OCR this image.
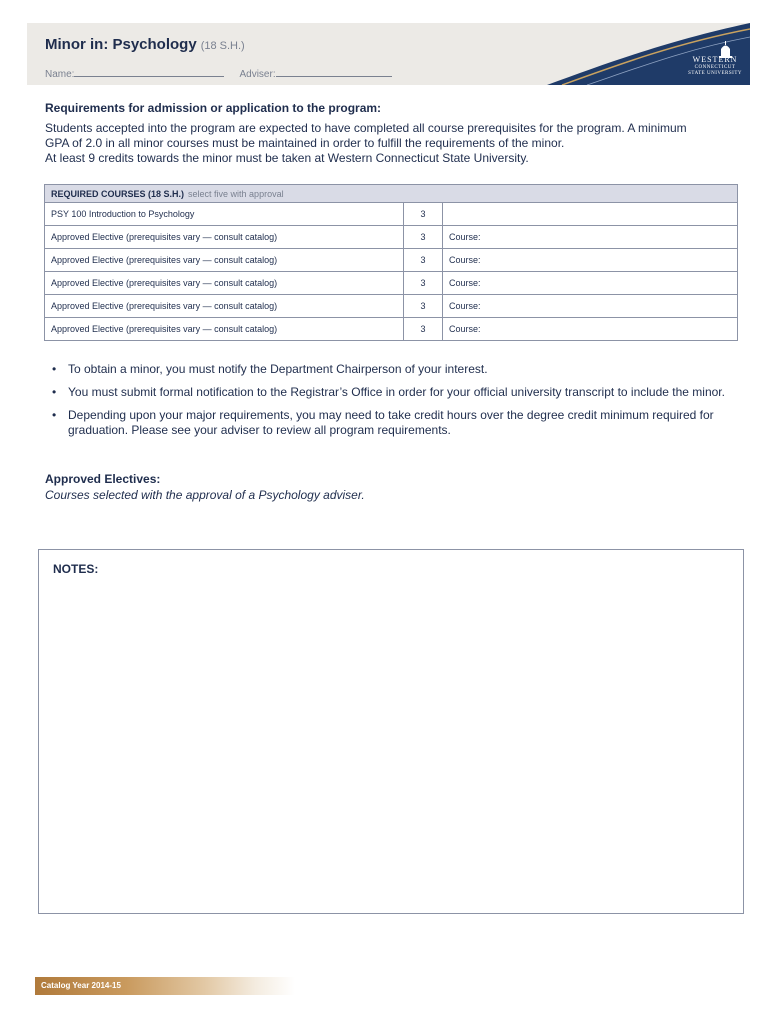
Minor in: Psychology (18 S.H.)
Name:	Adviser:
WESTERN
CONNECTICUT
STATE UNIVERSITY
Requirements for admission or application to the program:
Students accepted into the program are expected to have completed all course prerequisites for the program. A minimum
GPA of 2.0 in all minor courses must be maintained in order to fulfill the requirements of the minor.
At least 9 credits towards the minor must be taken at Western Connecticut State University.
REQUIRED COURSES (18 S.H.) select five with approval		
PSY 100 Introduction to Psychology	3	
Approved Elective (prerequisites vary — consult catalog)	3	Course:
Approved Elective (prerequisites vary — consult catalog)	3	Course:
Approved Elective (prerequisites vary — consult catalog)	3	Course:
Approved Elective (prerequisites vary — consult catalog)	3	Course:
Approved Elective (prerequisites vary — consult catalog)	3	Course:
• To obtain a minor, you must notify the Department Chairperson of your interest.
• You must submit formal notification to the Registrar’s Office in order for your official university transcript to include the minor.
• Depending upon your major requirements, you may need to take credit hours over the degree credit minimum required for graduation. Please see your adviser to review all program requirements.
Approved Electives:
Courses selected with the approval of a Psychology adviser.
NOTES:
Catalog Year 2014-15
